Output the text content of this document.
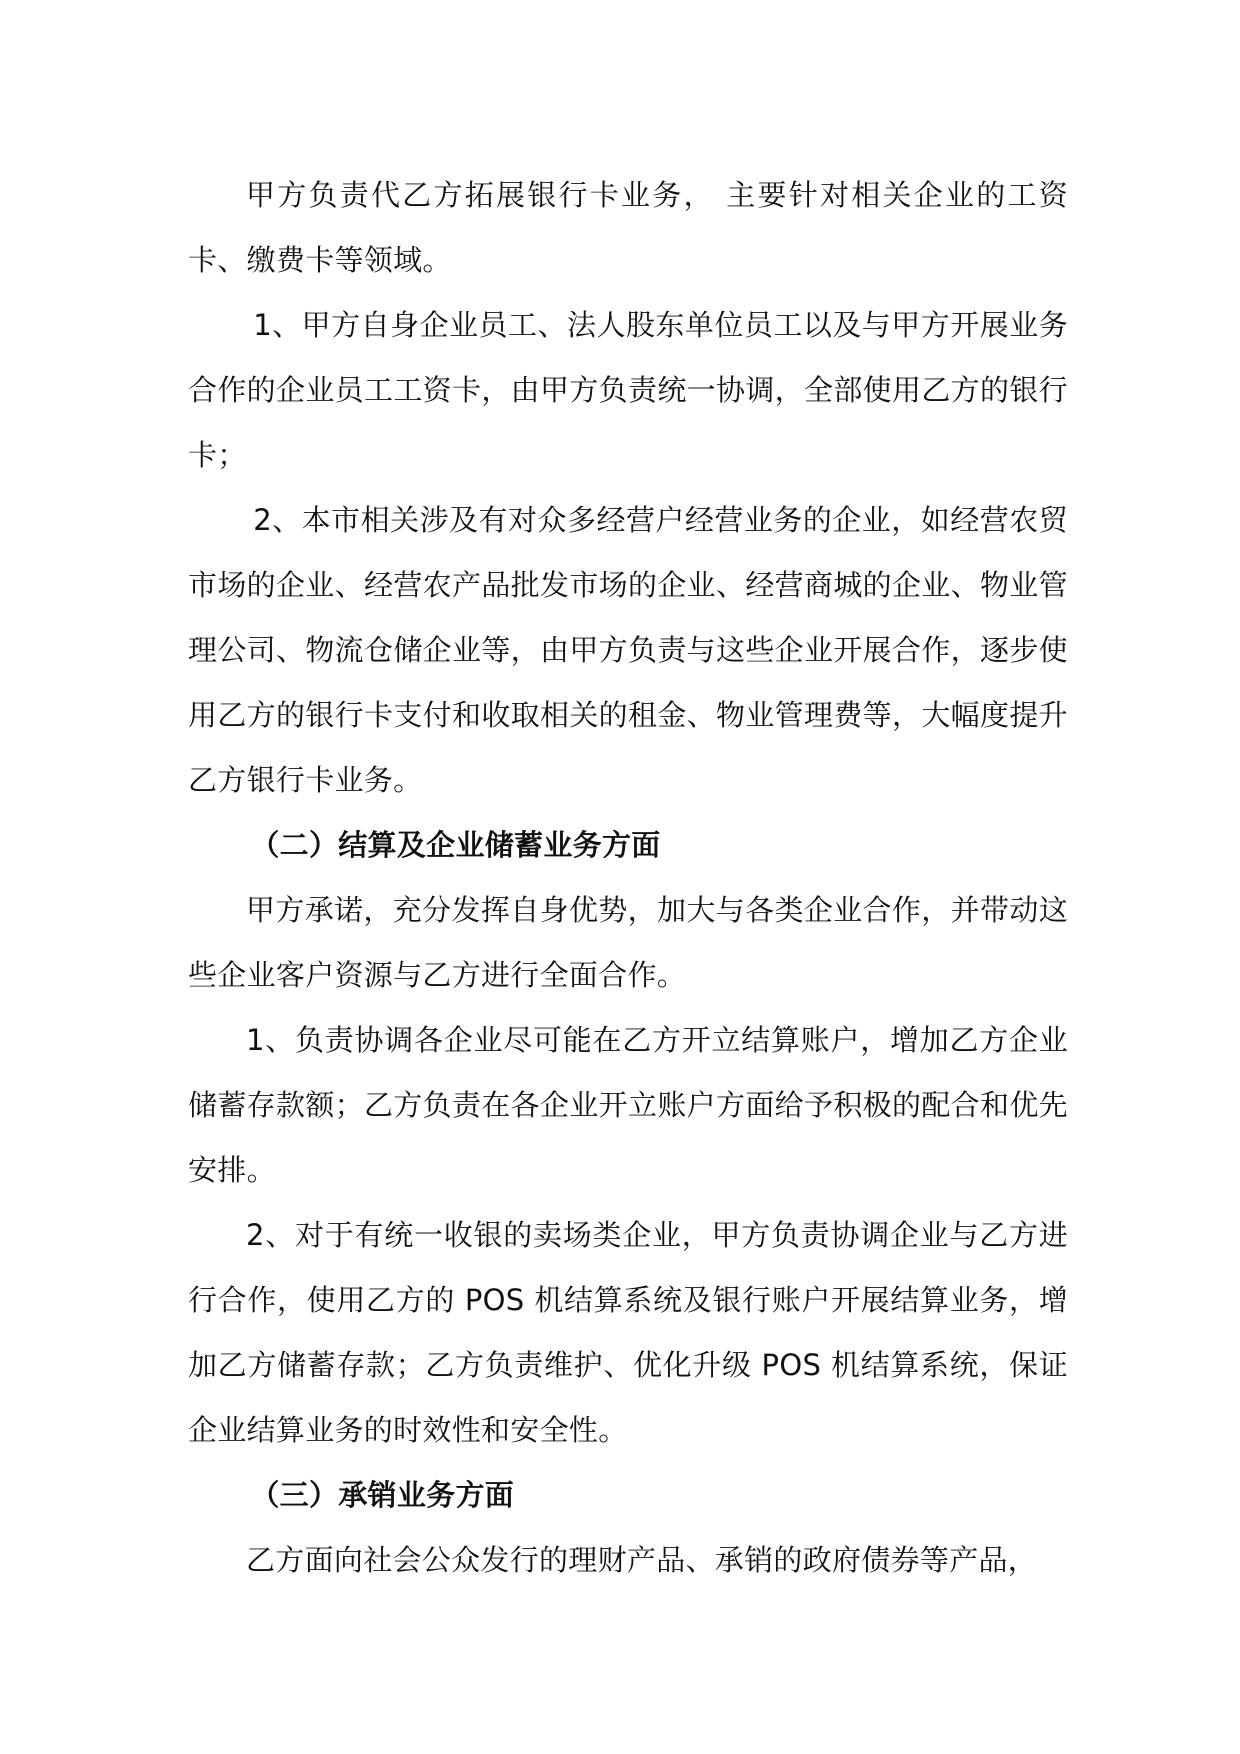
甲方负责代乙方拓展银行卡业务， 主要针对相关企业的工资卡、缴费卡等领域。

1、甲方自身企业员工、法人股东单位员工以及与甲方开展业务合作的企业员工工资卡，由甲方负责统一协调，全部使用乙方的银行卡；

2、本市相关涉及有对众多经营户经营业务的企业，如经营农贸市场的企业、经营农产品批发市场的企业、经营商城的企业、物业管理公司、物流仓储企业等，由甲方负责与这些企业开展合作，逐步使用乙方的银行卡支付和收取相关的租金、物业管理费等，大幅度提升乙方银行卡业务。

（二）结算及企业储蓄业务方面

甲方承诺，充分发挥自身优势，加大与各类企业合作，并带动这些企业客户资源与乙方进行全面合作。

1、负责协调各企业尽可能在乙方开立结算账户，增加乙方企业储蓄存款额；乙方负责在各企业开立账户方面给予积极的配合和优先安排。

2、对于有统一收银的卖场类企业，甲方负责协调企业与乙方进行合作，使用乙方的 POS 机结算系统及银行账户开展结算业务，增加乙方储蓄存款；乙方负责维护、优化升级 POS 机结算系统，保证企业结算业务的时效性和安全性。

（三）承销业务方面

乙方面向社会公众发行的理财产品、承销的政府债券等产品，
